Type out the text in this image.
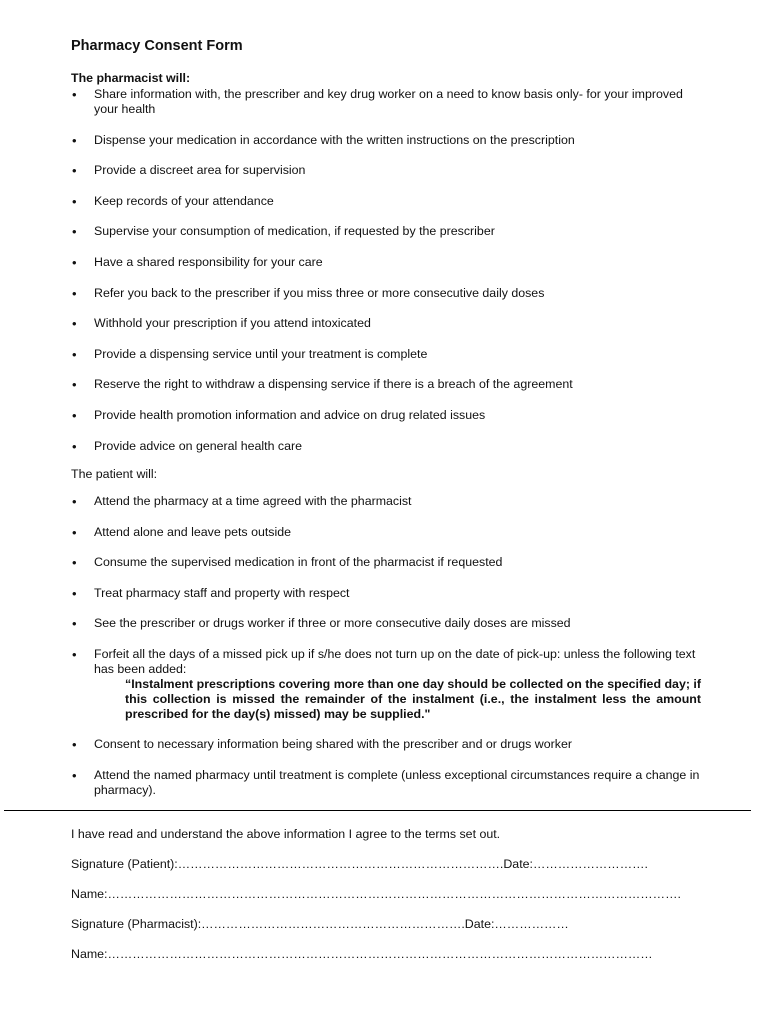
Pharmacy Consent Form
The pharmacist will:
• Share information with, the prescriber and key drug worker on a need to know basis only- for your improved your health
• Dispense your medication in accordance with the written instructions on the prescription
• Provide a discreet area for supervision
• Keep records of your attendance
• Supervise your consumption of medication, if requested by the prescriber
• Have a shared responsibility for your care
• Refer you back to the prescriber if you miss three or more consecutive daily doses
• Withhold your prescription if you attend intoxicated
• Provide a dispensing service until your treatment is complete
• Reserve the right to withdraw a dispensing service if there is a breach of the agreement
• Provide health promotion information and advice on drug related issues
• Provide advice on general health care
The patient will:
• Attend the pharmacy at a time agreed with the pharmacist
• Attend alone and leave pets outside
• Consume the supervised medication in front of the pharmacist if requested
• Treat pharmacy staff and property with respect
• See the prescriber or drugs worker if three or more consecutive daily doses are missed
• Forfeit all the days of a missed pick up if s/he does not turn up on the date of pick-up: unless the following text has been added:
“Instalment prescriptions covering more than one day should be collected on the specified day; if this collection is missed the remainder of the instalment (i.e., the instalment less the amount prescribed for the day(s) missed) may be supplied."
• Consent to necessary information being shared with the prescriber and or drugs worker
• Attend the named pharmacy until treatment is complete (unless exceptional circumstances require a change in pharmacy).
I have read and understand the above information I agree to the terms set out.
Signature (Patient):…………………………………………………………………….Date:……………………….
Name:………………………………………………………………………………………………………………………….
Signature (Pharmacist):……………………………………………………….Date:………………
Name:……………………………………………………………………………………………………………………
